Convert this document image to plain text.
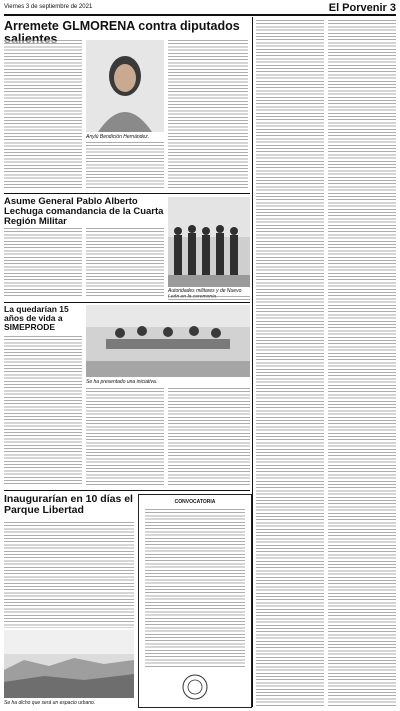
Viernes 3 de septiembre de 2021	El Porvenir 3
Arremete GLMORENA contra diputados
Anylú Bendición Hernández.
Asume General Pablo Alberto Lechuga comandancia de la Cuarta Región Militar
Autoridades militares y de Nuevo
La quedarían 15 años de vida a SIMEPRODE
Se ha presentado una iniciativa.
Inaugurarían en 10 días el Parque Libertad
Se ha dicho que será un espacio urbano.
CONVOCATORIA
